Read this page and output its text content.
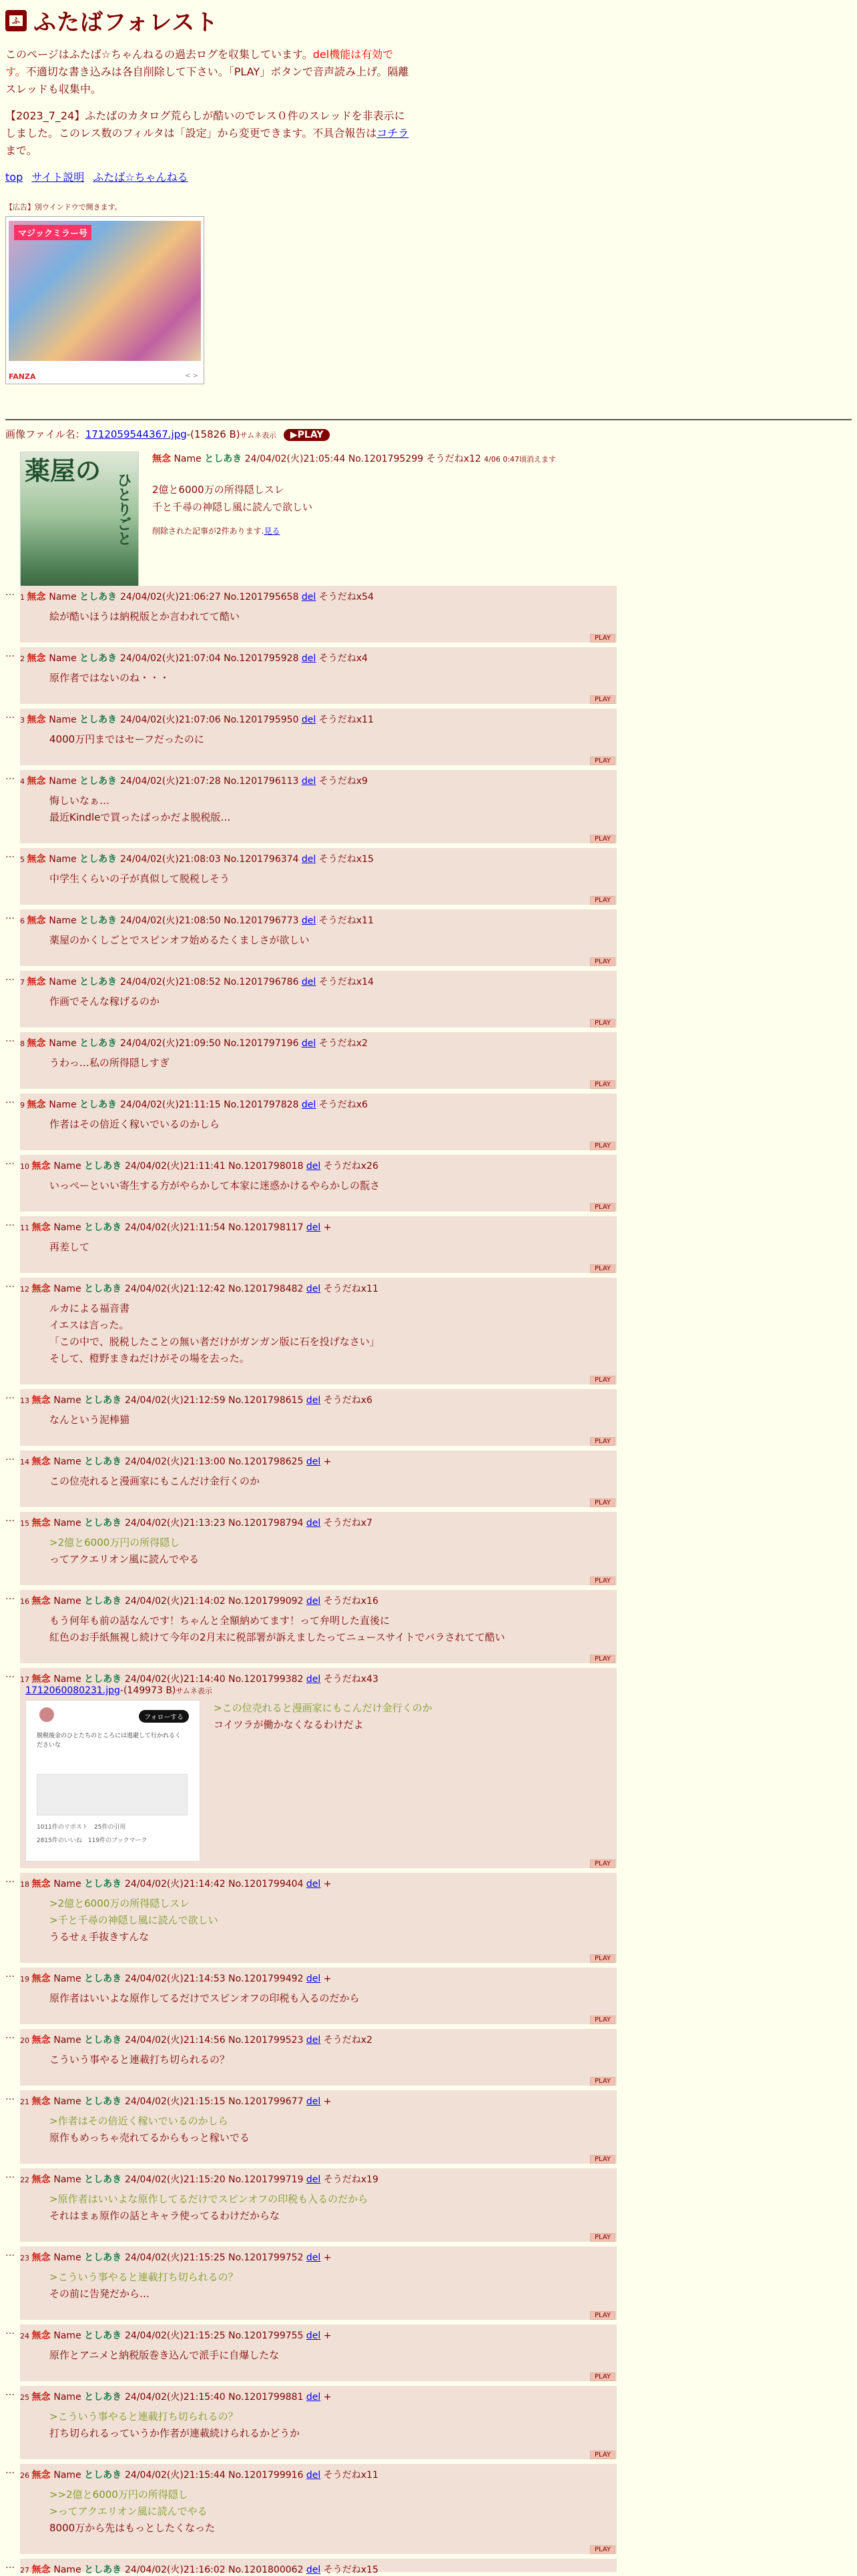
ふ ふたばフォレスト

このページはふたば☆ちゃんねるの過去ログを収集しています。del機能は有効です。不適切な書き込みは各自削除して下さい。「PLAY」ボタンで音声読み上げ。隔離スレッドも収集中。

【2023_7_24】ふたばのカタログ荒らしが酷いのでレス０件のスレッドを非表示にしました。このレス数のフィルタは「設定」から変更できます。不具合報告はコチラまで。

top サイト説明 ふたば☆ちゃんねる
【広告】別ウインドウで開きます。
マジックミラー号
FANZA	< >
画像ファイル名：1712059544367.jpg-(15826 B)サムネ表示 ▶PLAY
薬屋の
ひとりごと
無念 Name としあき 24/04/02(火)21:05:44 No.1201795299 そうだねx12 4/06 0:47頃消えます
2億と6000万の所得隠しスレ
千と千尋の神隠し風に読んで欲しい
削除された記事が2件あります.見る
… 1 無念 Name としあき 24/04/02(火)21:06:27 No.1201795658 del そうだねx54
絵が酷いほうは納税版とか言われてて酷い
PLAY
… 2 無念 Name としあき 24/04/02(火)21:07:04 No.1201795928 del そうだねx4
原作者ではないのね・・・
PLAY
… 3 無念 Name としあき 24/04/02(火)21:07:06 No.1201795950 del そうだねx11
4000万円まではセーフだったのに
PLAY
… 4 無念 Name としあき 24/04/02(火)21:07:28 No.1201796113 del そうだねx9
悔しいなぁ…
最近Kindleで買ったばっかだよ脱税版…
PLAY
… 5 無念 Name としあき 24/04/02(火)21:08:03 No.1201796374 del そうだねx15
中学生くらいの子が真似して脱税しそう
PLAY
… 6 無念 Name としあき 24/04/02(火)21:08:50 No.1201796773 del そうだねx11
薬屋のかくしごとでスピンオフ始めるたくましさが欲しい
PLAY
… 7 無念 Name としあき 24/04/02(火)21:08:52 No.1201796786 del そうだねx14
作画でそんな稼げるのか
PLAY
… 8 無念 Name としあき 24/04/02(火)21:09:50 No.1201797196 del そうだねx2
うわっ…私の所得隠しすぎ
PLAY
… 9 無念 Name としあき 24/04/02(火)21:11:15 No.1201797828 del そうだねx6
作者はその倍近く稼いでいるのかしら
PLAY
… 10 無念 Name としあき 24/04/02(火)21:11:41 No.1201798018 del そうだねx26
いっぺーといい寄生する方がやらかして本家に迷惑かけるやらかしの翫さ
PLAY
… 11 無念 Name としあき 24/04/02(火)21:11:54 No.1201798117 del +
再差して
PLAY
… 12 無念 Name としあき 24/04/02(火)21:12:42 No.1201798482 del そうだねx11
ルカによる福音書
イエスは言った。
「この中で、脱税したことの無い者だけがガンガン版に石を投げなさい」
そして、橙野まきねだけがその場を去った。
PLAY
… 13 無念 Name としあき 24/04/02(火)21:12:59 No.1201798615 del そうだねx6
なんという泥棒猫
PLAY
… 14 無念 Name としあき 24/04/02(火)21:13:00 No.1201798625 del +
この位売れると漫画家にもこんだけ金行くのか
PLAY
… 15 無念 Name としあき 24/04/02(火)21:13:23 No.1201798794 del そうだねx7
>2億と6000万円の所得隠し
ってアクエリオン風に読んでやる
PLAY
… 16 無念 Name としあき 24/04/02(火)21:14:02 No.1201799092 del そうだねx16
もう何年も前の話なんです！ちゃんと全額納めてます！って弁明した直後に
紅色のお手紙無視し続けて今年の2月末に税部署が訴えましたってニュースサイトでバラされてて酷い
PLAY
… 17 無念 Name としあき 24/04/02(火)21:14:40 No.1201799382 del そうだねx43
1712060080231.jpg-(149973 B)サムネ表示
フォローする
脱税後金のひとたちのところには逃避して行かれるくださいな
1011件のリポスト　25件の引用
2815件のいいね　119件のブックマーク
>この位売れると漫画家にもこんだけ金行くのか
コイツラが働かなくなるわけだよ
PLAY
… 18 無念 Name としあき 24/04/02(火)21:14:42 No.1201799404 del +
>2億と6000万の所得隠しスレ
>千と千尋の神隠し風に読んで欲しい
うるせぇ手抜きすんな
PLAY
… 19 無念 Name としあき 24/04/02(火)21:14:53 No.1201799492 del +
原作者はいいよな原作してるだけでスピンオフの印税も入るのだから
PLAY
… 20 無念 Name としあき 24/04/02(火)21:14:56 No.1201799523 del そうだねx2
こういう事やると連載打ち切られるの？
PLAY
… 21 無念 Name としあき 24/04/02(火)21:15:15 No.1201799677 del +
>作者はその倍近く稼いでいるのかしら
原作もめっちゃ売れてるからもっと稼いでる
PLAY
… 22 無念 Name としあき 24/04/02(火)21:15:20 No.1201799719 del そうだねx19
>原作者はいいよな原作してるだけでスピンオフの印税も入るのだから
それはまぁ原作の話とキャラ使ってるわけだからな
PLAY
… 23 無念 Name としあき 24/04/02(火)21:15:25 No.1201799752 del +
>こういう事やると連載打ち切られるの？
その前に告発だから…
PLAY
… 24 無念 Name としあき 24/04/02(火)21:15:25 No.1201799755 del +
原作とアニメと納税版巻き込んで派手に自爆したな
PLAY
… 25 無念 Name としあき 24/04/02(火)21:15:40 No.1201799881 del +
>こういう事やると連載打ち切られるの？
打ち切られるっていうか作者が連載続けられるかどうか
PLAY
… 26 無念 Name としあき 24/04/02(火)21:15:44 No.1201799916 del そうだねx11
>>2億と6000万円の所得隠し
>ってアクエリオン風に読んでやる
8000万から先はもっとしたくなった
PLAY
… 27 無念 Name としあき 24/04/02(火)21:16:02 No.1201800062 del そうだねx15
